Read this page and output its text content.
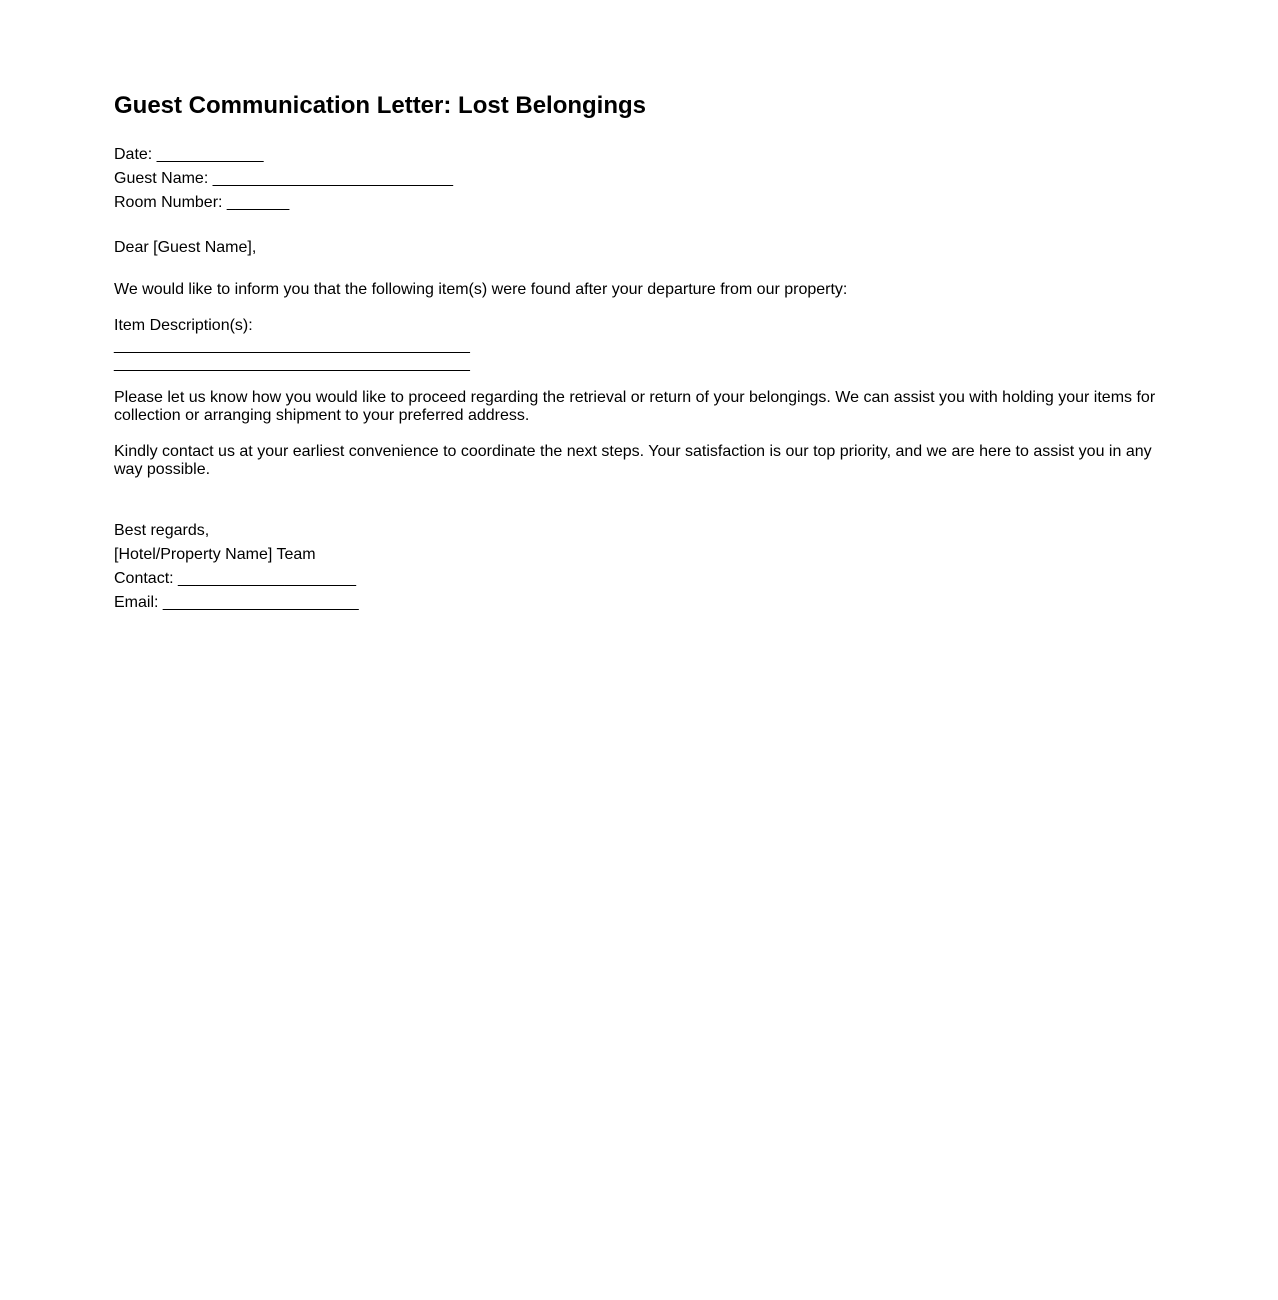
Guest Communication Letter: Lost Belongings
Date: ____________
Guest Name: ___________________________
Room Number: _______
Dear [Guest Name],
We would like to inform you that the following item(s) were found after your departure from our property:
Item Description(s):
________________________________________
________________________________________
Please let us know how you would like to proceed regarding the retrieval or return of your belongings. We can assist you with holding your items for collection or arranging shipment to your preferred address.
Kindly contact us at your earliest convenience to coordinate the next steps. Your satisfaction is our top priority, and we are here to assist you in any way possible.
Best regards,
[Hotel/Property Name] Team
Contact: ____________________
Email: ______________________
